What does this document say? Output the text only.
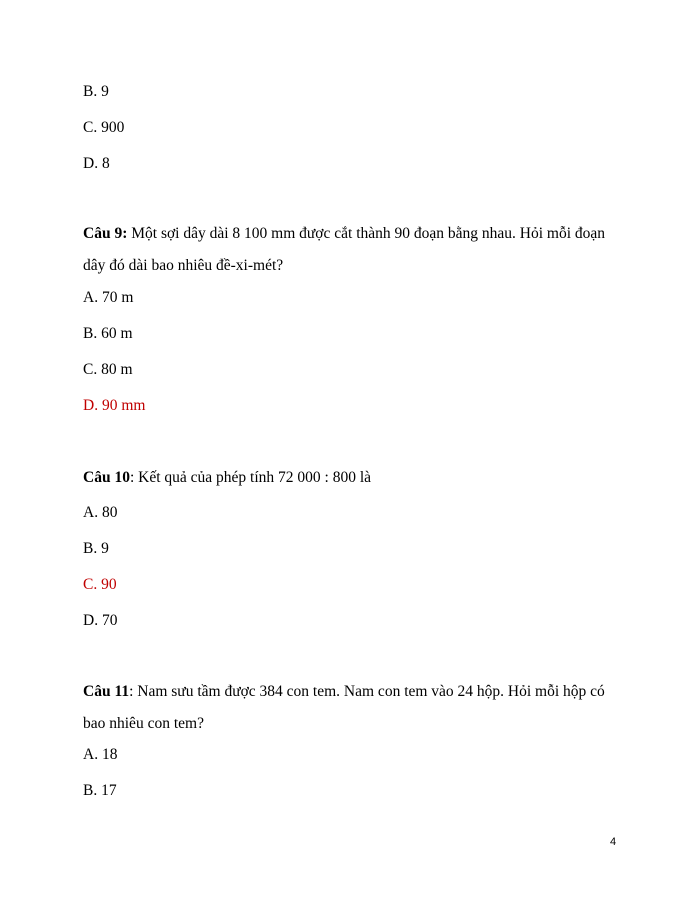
B. 9
C. 900
D. 8
Câu 9: Một sợi dây dài 8 100 mm được cắt thành 90 đoạn bằng nhau. Hỏi mỗi đoạn dây đó dài bao nhiêu đề-xi-mét?
A. 70 m
B. 60 m
C. 80 m
D. 90 mm
Câu 10: Kết quả của phép tính 72 000 : 800 là
A. 80
B. 9
C. 90
D. 70
Câu 11: Nam sưu tầm được 384 con tem. Nam con tem vào 24 hộp. Hỏi mỗi hộp có bao nhiêu con tem?
A. 18
B. 17
4
